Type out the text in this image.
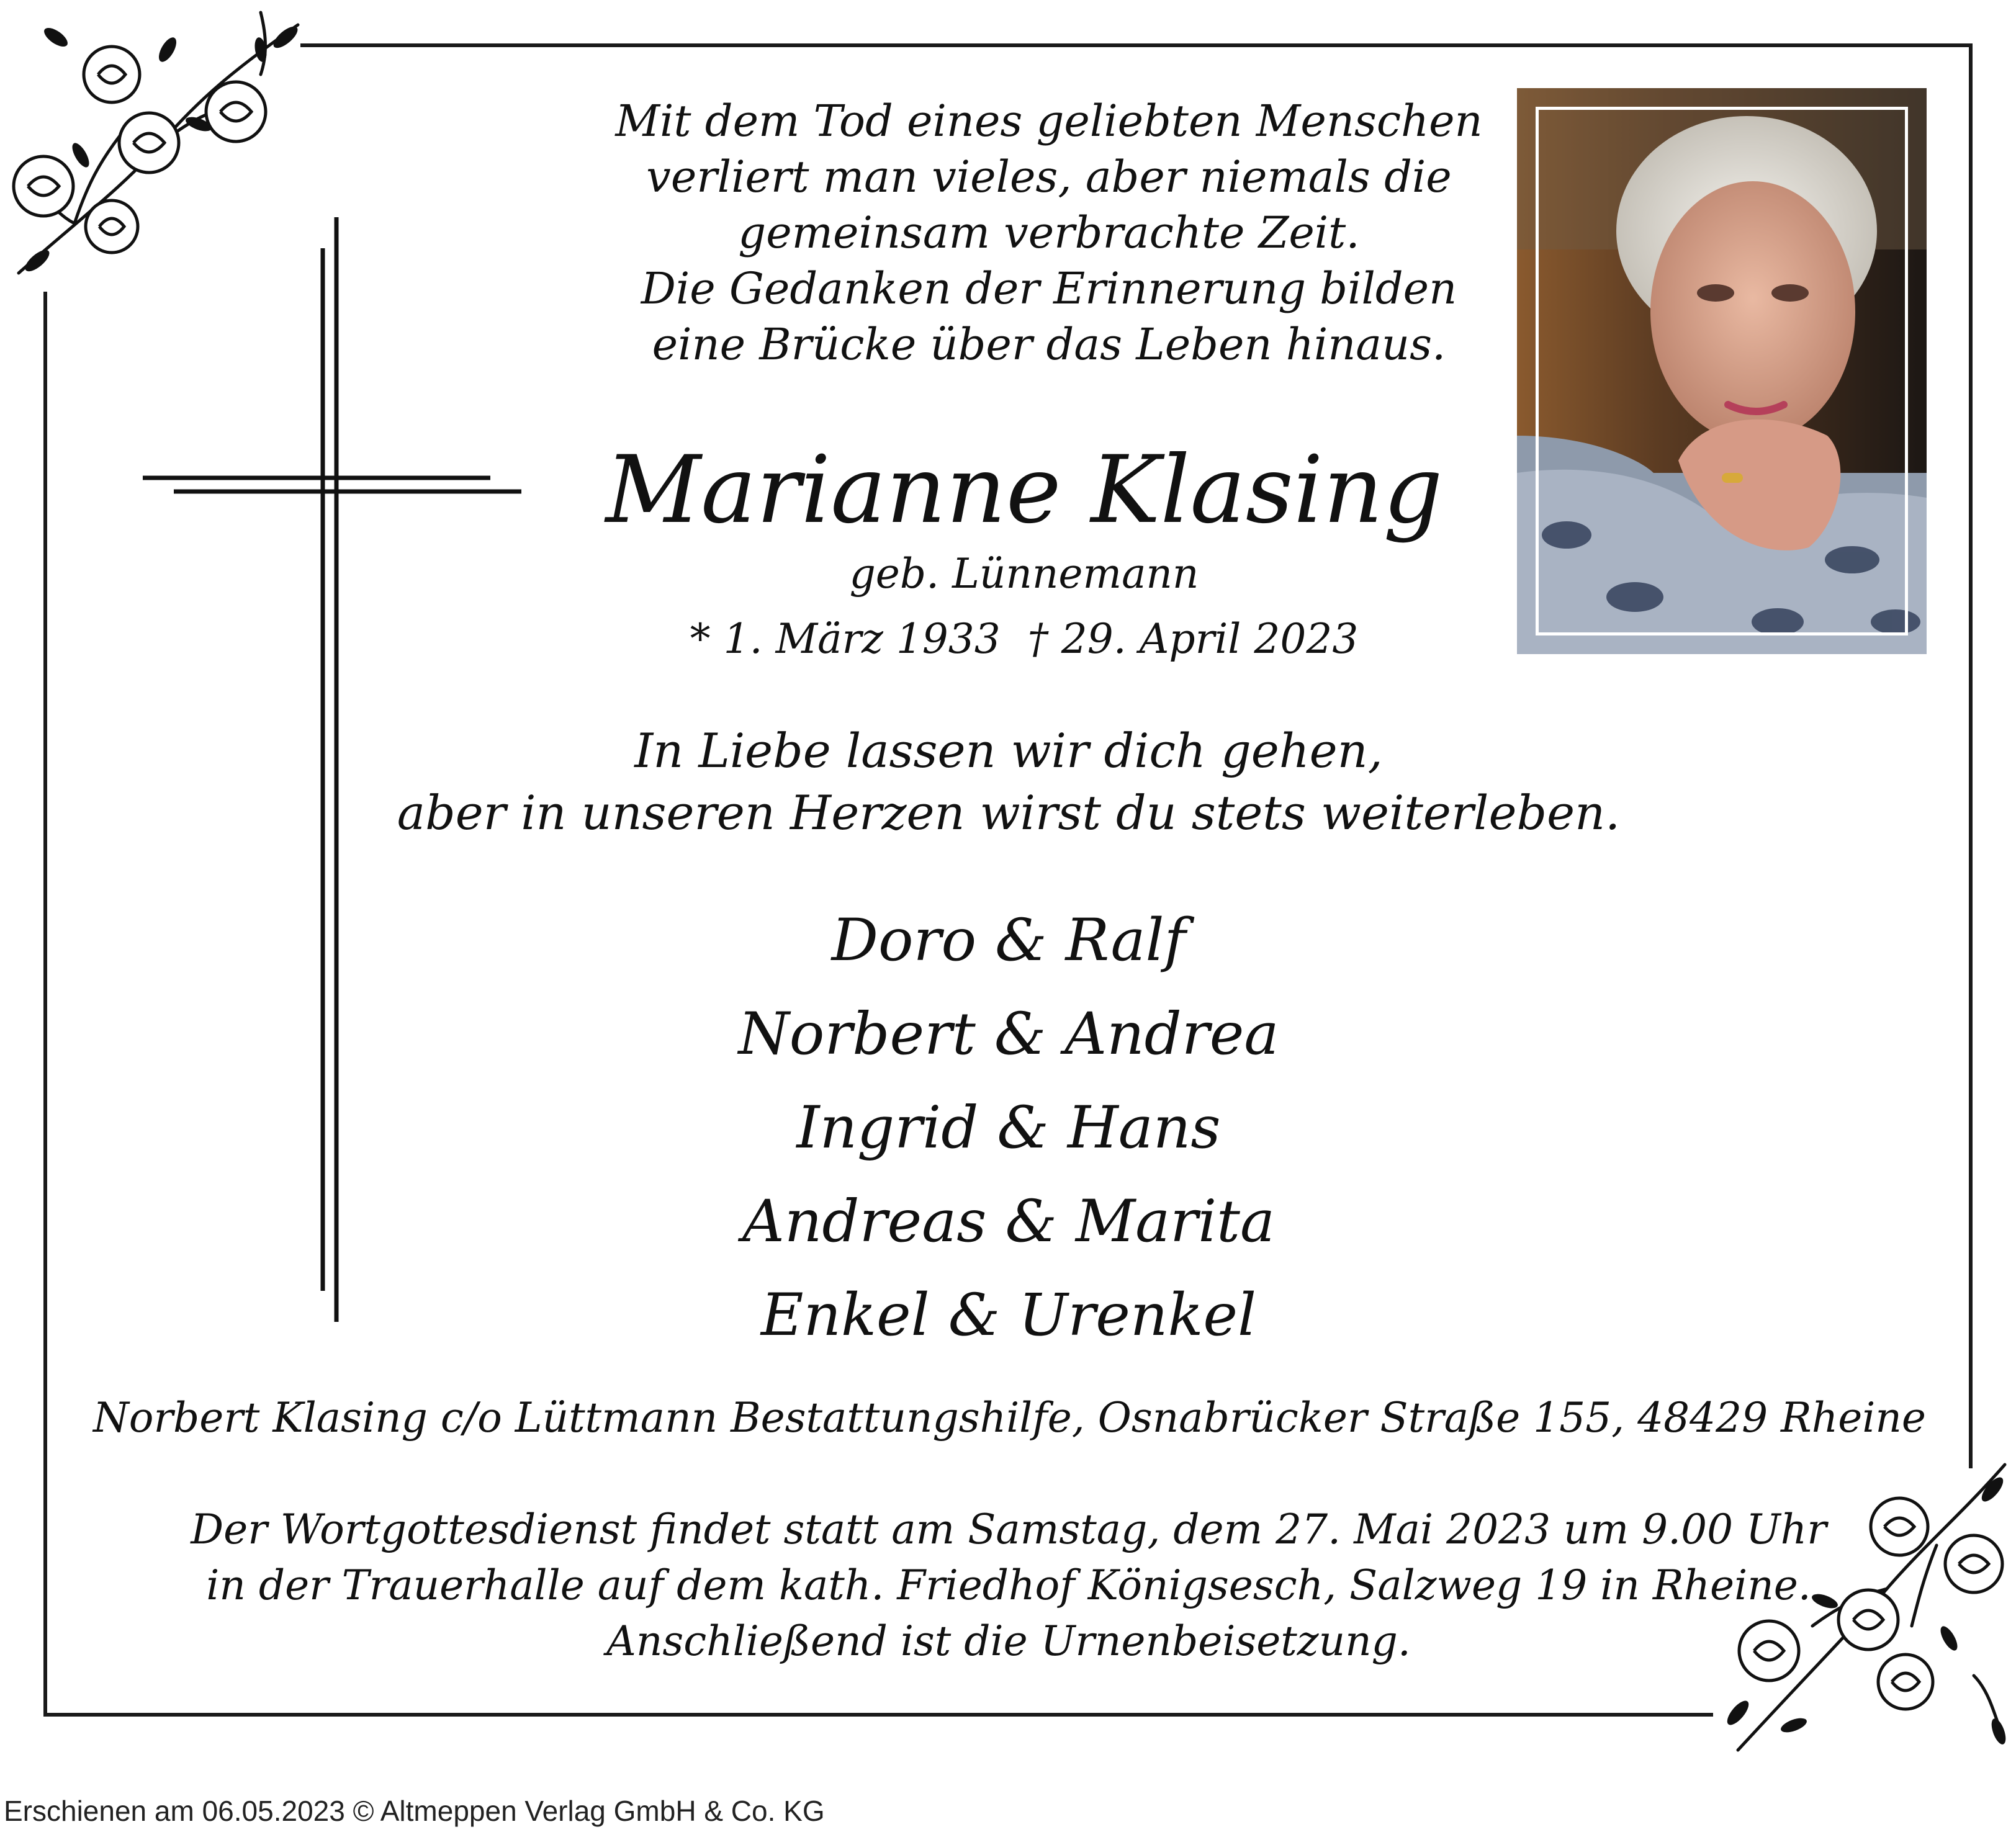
Mit dem Tod eines geliebten Menschen
verliert man vieles, aber niemals die
gemeinsam verbrachte Zeit.
Die Gedanken der Erinnerung bilden
eine Brücke über das Leben hinaus.
Marianne Klasing
geb. Lünnemann
* 1. März 1933 † 29. April 2023
In Liebe lassen wir dich gehen,
aber in unseren Herzen wirst du stets weiterleben.
Doro & Ralf
Norbert & Andrea
Ingrid & Hans
Andreas & Marita
Enkel & Urenkel
Norbert Klasing c/o Lüttmann Bestattungshilfe, Osnabrücker Straße 155, 48429 Rheine
Der Wortgottesdienst findet statt am Samstag, dem 27. Mai 2023 um 9.00 Uhr
in der Trauerhalle auf dem kath. Friedhof Königsesch, Salzweg 19 in Rheine.
Anschließend ist die Urnenbeisetzung.
Erschienen am 06.05.2023 © Altmeppen Verlag GmbH & Co. KG
